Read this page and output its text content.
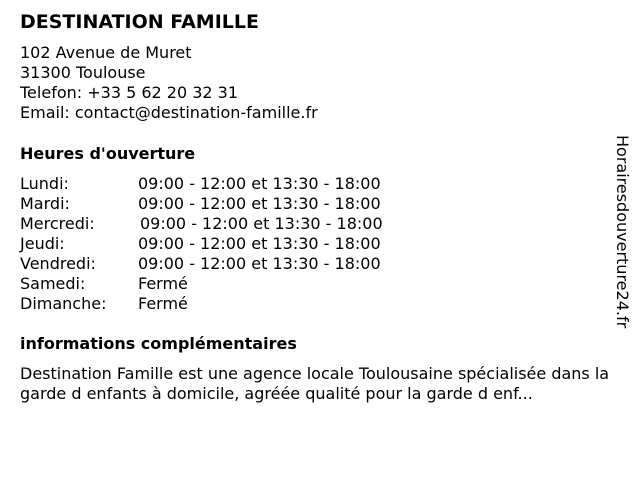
DESTINATION FAMILLE
102 Avenue de Muret
31300 Toulouse
Telefon: +33 5 62 20 32 31
Email: contact@destination-famille.fr
Heures d'ouverture
Lundi:	09:00 - 12:00 et 13:30 - 18:00
Mardi:	09:00 - 12:00 et 13:30 - 18:00
Mercredi:	09:00 - 12:00 et 13:30 - 18:00
Jeudi:	09:00 - 12:00 et 13:30 - 18:00
Vendredi:	09:00 - 12:00 et 13:30 - 18:00
Samedi:	Fermé
Dimanche: Fermé
informations complémentaires
Destination Famille est une agence locale Toulousaine spécialisée dans la garde d enfants à domicile, agréée qualité pour la garde d enf...
Horairesdouverture24.fr
